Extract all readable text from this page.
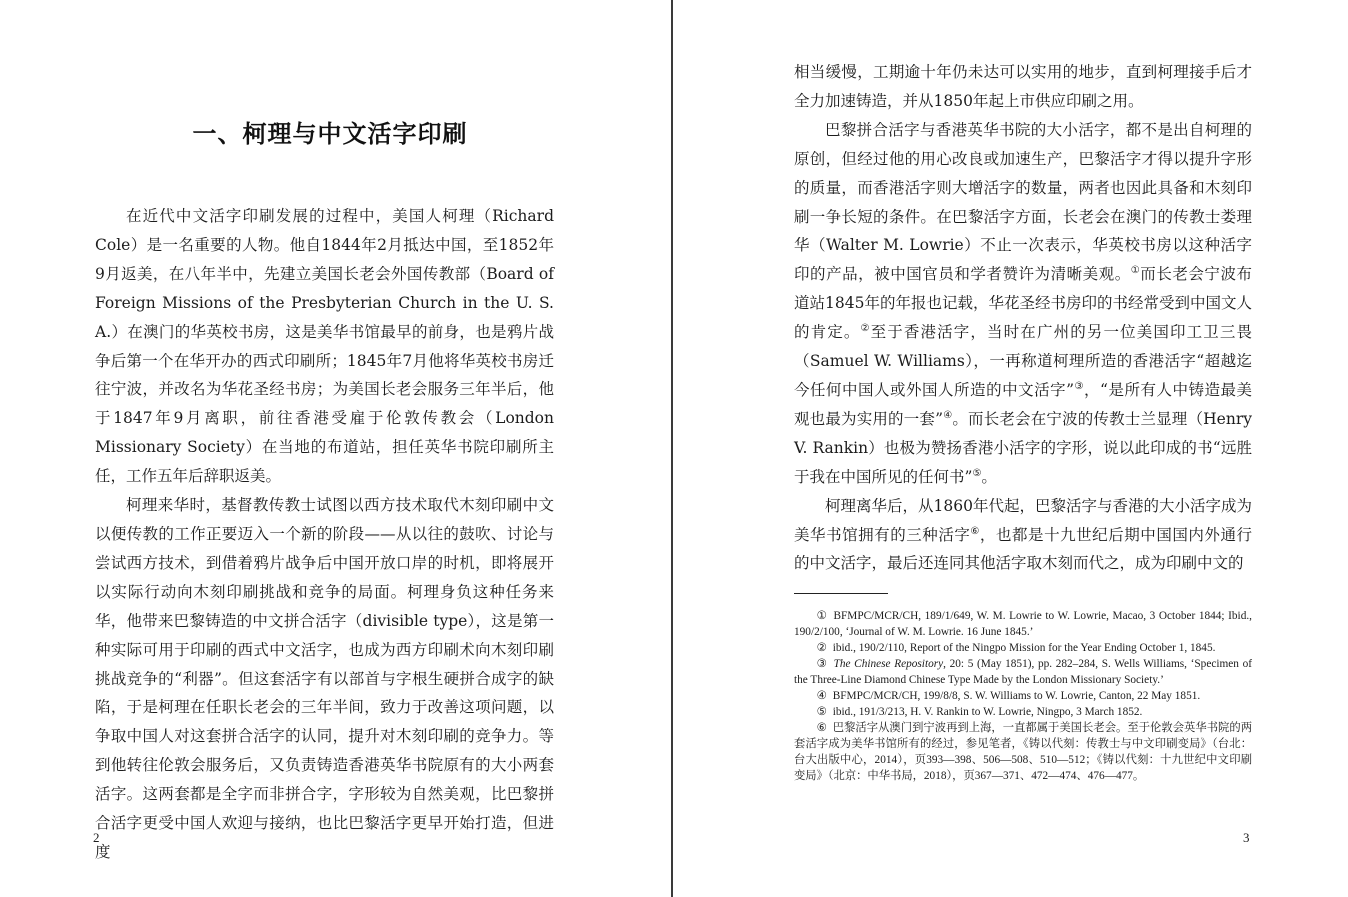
一、柯理与中文活字印刷

在近代中文活字印刷发展的过程中，美国人柯理（Richard Cole）是一名重要的人物。他自1844年2月抵达中国，至1852年9月返美，在八年半中，先建立美国长老会外国传教部（Board of Foreign Missions of the Presbyterian Church in the U. S. A.）在澳门的华英校书房，这是美华书馆最早的前身，也是鸦片战争后第一个在华开办的西式印刷所；1845年7月他将华英校书房迁往宁波，并改名为华花圣经书房；为美国长老会服务三年半后，他于1847年9月离职，前往香港受雇于伦敦传教会（London Missionary Society）在当地的布道站，担任英华书院印刷所主任，工作五年后辞职返美。

柯理来华时，基督教传教士试图以西方技术取代木刻印刷中文以便传教的工作正要迈入一个新的阶段——从以往的鼓吹、讨论与尝试西方技术，到借着鸦片战争后中国开放口岸的时机，即将展开以实际行动向木刻印刷挑战和竞争的局面。柯理身负这种任务来华，他带来巴黎铸造的中文拼合活字（divisible type），这是第一种实际可用于印刷的西式中文活字，也成为西方印刷术向木刻印刷挑战竞争的“利器”。但这套活字有以部首与字根生硬拼合成字的缺陷，于是柯理在任职长老会的三年半间，致力于改善这项问题，以争取中国人对这套拼合活字的认同，提升对木刻印刷的竞争力。等到他转往伦敦会服务后，又负责铸造香港英华书院原有的大小两套活字。这两套都是全字而非拼合字，字形较为自然美观，比巴黎拼合活字更受中国人欢迎与接纳，也比巴黎活字更早开始打造，但进度

2

相当缓慢，工期逾十年仍未达可以实用的地步，直到柯理接手后才全力加速铸造，并从1850年起上市供应印刷之用。

巴黎拼合活字与香港英华书院的大小活字，都不是出自柯理的原创，但经过他的用心改良或加速生产，巴黎活字才得以提升字形的质量，而香港活字则大增活字的数量，两者也因此具备和木刻印刷一争长短的条件。在巴黎活字方面，长老会在澳门的传教士娄理华（Walter M. Lowrie）不止一次表示，华英校书房以这种活字印的产品，被中国官员和学者赞许为清晰美观。①而长老会宁波布道站1845年的年报也记载，华花圣经书房印的书经常受到中国文人的肯定。②至于香港活字，当时在广州的另一位美国印工卫三畏（Samuel W. Williams），一再称道柯理所造的香港活字“超越迄今任何中国人或外国人所造的中文活字”③，“是所有人中铸造最美观也最为实用的一套”④。而长老会在宁波的传教士兰显理（Henry V. Rankin）也极为赞扬香港小活字的字形，说以此印成的书“远胜于我在中国所见的任何书”⑤。

柯理离华后，从1860年代起，巴黎活字与香港的大小活字成为美华书馆拥有的三种活字⑥，也都是十九世纪后期中国国内外通行的中文活字，最后还连同其他活字取木刻而代之，成为印刷中文的

① BFMPC/MCR/CH, 189/1/649, W. M. Lowrie to W. Lowrie, Macao, 3 October 1844; Ibid., 190/2/100, ‘Journal of W. M. Lowrie. 16 June 1845.’

② ibid., 190/2/110, Report of the Ningpo Mission for the Year Ending October 1, 1845.

③ The Chinese Repository, 20: 5 (May 1851), pp. 282–284, S. Wells Williams, ‘Specimen of the Three-Line Diamond Chinese Type Made by the London Missionary Society.’

④ BFMPC/MCR/CH, 199/8/8, S. W. Williams to W. Lowrie, Canton, 22 May 1851.

⑤ ibid., 191/3/213, H. V. Rankin to W. Lowrie, Ningpo, 3 March 1852.

⑥ 巴黎活字从澳门到宁波再到上海，一直都属于美国长老会。至于伦敦会英华书院的两套活字成为美华书馆所有的经过，参见笔者，《铸以代刻：传教士与中文印刷变局》（台北：台大出版中心，2014），页393—398、506—508、510—512；《铸以代刻：十九世纪中文印刷变局》（北京：中华书局，2018），页367—371、472—474、476—477。

3
